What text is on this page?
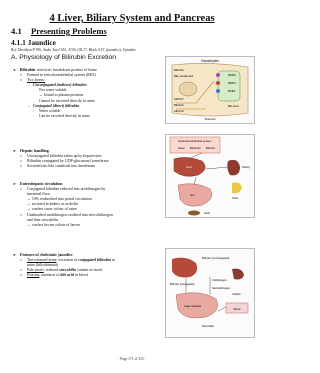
4 Liver, Biliary System and Pancreas
4.1 Presenting Problems
4.1.1 Jaundice
Ref: Davidson P 936, Andre Tan CS10, JC56, GIL17, Block A TC (jaundice), Uptodate
A. Physiology of Bilirubin Excretion
➤	Bilirubin: non-toxic breakdown product of heme
□	Formed in reticuloendothelial system (RES)
□	Two forms:
→ Unconjugated (indirect) bilirubin
-	Not water soluble
→ bound to plasma proteins
-	Cannot be excreted directly in urine
→ Conjugated (direct) bilirubin
-	Water soluble
-	Can be excreted directly in urine
➤	Hepatic handling:
□	Unconjugated bilirubin taken up by hepatocytes
□	Bilirubin conjugated by UDP-glucuronyl transferase
□	Secreted into bile canaliculi into duodenum
➤	Enterohepatic circulation:
□	Conjugated bilirubin reduced into urobilinogen by
intestinal flora
→ 10% reabsorbed into portal circulation
→ secreted in kidney as urobilin
→ confers straw colour of urine
□	Unabsorbed urobilinogen oxidised into stercobilinogen
and then stercobilin
→ confers brown colour of faeces
➤	Features of cholestatic jaundice:
□	Tea-coloured urine: excretion of conjugated bilirubin in
urine (bilirubinuria)
□	Pale stools: reduced stercobilin content in stools
□	Pruritus: retention of bile acid in blood
Hepatocytes
Bilirubin
Bile canaliculus
UDPGT
Bilirubin
Albumin
MDR2
MRP2
BSEP
Bile duct
Sinusoid
Reticuloendothelial system
Haem Biliverdin Bilirubin
Liver	Kidney
Urine
Gut
Stool
Bilirubin (unconjugated)
Bilirubin (conjugated)
Urobilinogen
Stercobilinogen
Urobilin
Large intestine
Stercobilin
Blood
- Page 171 of 335 -
